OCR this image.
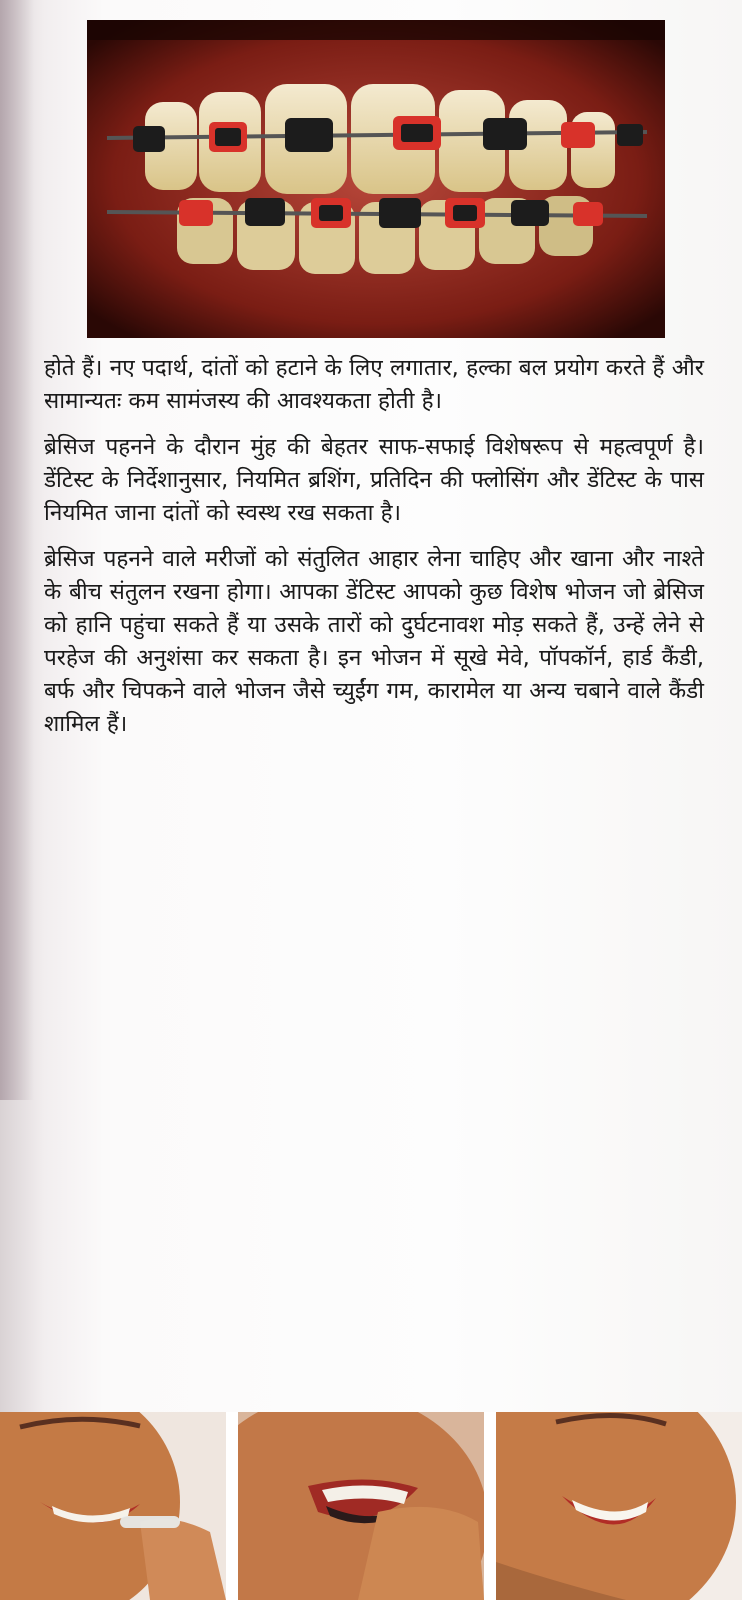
होते हैं। नए पदार्थ, दांतों को हटाने के लिए लगातार, हल्का बल प्रयोग करते हैं और सामान्यतः कम सामंजस्य की आवश्यकता होती है।

ब्रेसिज पहनने के दौरान मुंह की बेहतर साफ-सफाई विशेषरूप से महत्वपूर्ण है। डेंटिस्ट के निर्देशानुसार, नियमित ब्रशिंग, प्रतिदिन की फ्लोसिंग और डेंटिस्ट के पास नियमित जाना दांतों को स्वस्थ रख सकता है।

ब्रेसिज पहनने वाले मरीजों को संतुलित आहार लेना चाहिए और खाना और नाश्ते के बीच संतुलन रखना होगा। आपका डेंटिस्ट आपको कुछ विशेष भोजन जो ब्रेसिज को हानि पहुंचा सकते हैं या उसके तारों को दुर्घटनावश मोड़ सकते हैं, उन्हें लेने से परहेज की अनुशंसा कर सकता है। इन भोजन में सूखे मेवे, पॉपकॉर्न, हार्ड कैंडी, बर्फ और चिपकने वाले भोजन जैसे च्युईंग गम, कारामेल या अन्य चबाने वाले कैंडी शामिल हैं।
